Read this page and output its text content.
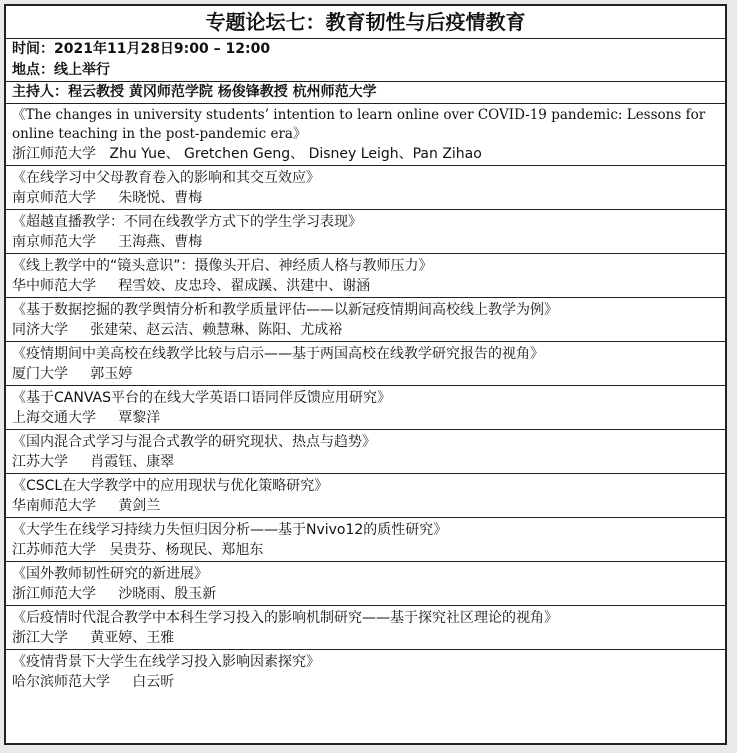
专题论坛七：教育韧性与后疫情教育
时间：2021年11月28日9:00 – 12:00
地点：线上举行
主持人：程云教授 黄冈师范学院 杨俊锋教授 杭州师范大学
《The changes in university students’ intention to learn online over COVID-19 pandemic: Lessons for online teaching in the post-pandemic era》
浙江师范大学   Zhu Yue、 Gretchen Geng、 Disney Leigh、Pan Zihao
《在线学习中父母教育卷入的影响和其交互效应》
南京师范大学     朱晓悦、曹梅
《超越直播教学：不同在线教学方式下的学生学习表现》
南京师范大学     王海燕、曹梅
《线上教学中的“镜头意识”：摄像头开启、神经质人格与教师压力》
华中师范大学     程雪姣、皮忠玲、翟成蹊、洪建中、谢涵
《基于数据挖掘的教学舆情分析和教学质量评估——以新冠疫情期间高校线上教学为例》
同济大学     张建荣、赵云洁、赖慧琳、陈阳、尤成裕
《疫情期间中美高校在线教学比较与启示——基于两国高校在线教学研究报告的视角》
厦门大学     郭玉婷
《基于CANVAS平台的在线大学英语口语同伴反馈应用研究》
上海交通大学     覃黎洋
《国内混合式学习与混合式教学的研究现状、热点与趋势》
江苏大学     肖霞钰、康翠
《CSCL在大学教学中的应用现状与优化策略研究》
华南师范大学     黄剑兰
《大学生在线学习持续力失恒归因分析——基于Nvivo12的质性研究》
江苏师范大学   吴贵芬、杨现民、郑旭东
《国外教师韧性研究的新进展》
浙江师范大学     沙晓雨、殷玉新
《后疫情时代混合教学中本科生学习投入的影响机制研究——基于探究社区理论的视角》
浙江大学     黄亚婷、王雅
《疫情背景下大学生在线学习投入影响因素探究》
哈尔滨师范大学     白云昕
